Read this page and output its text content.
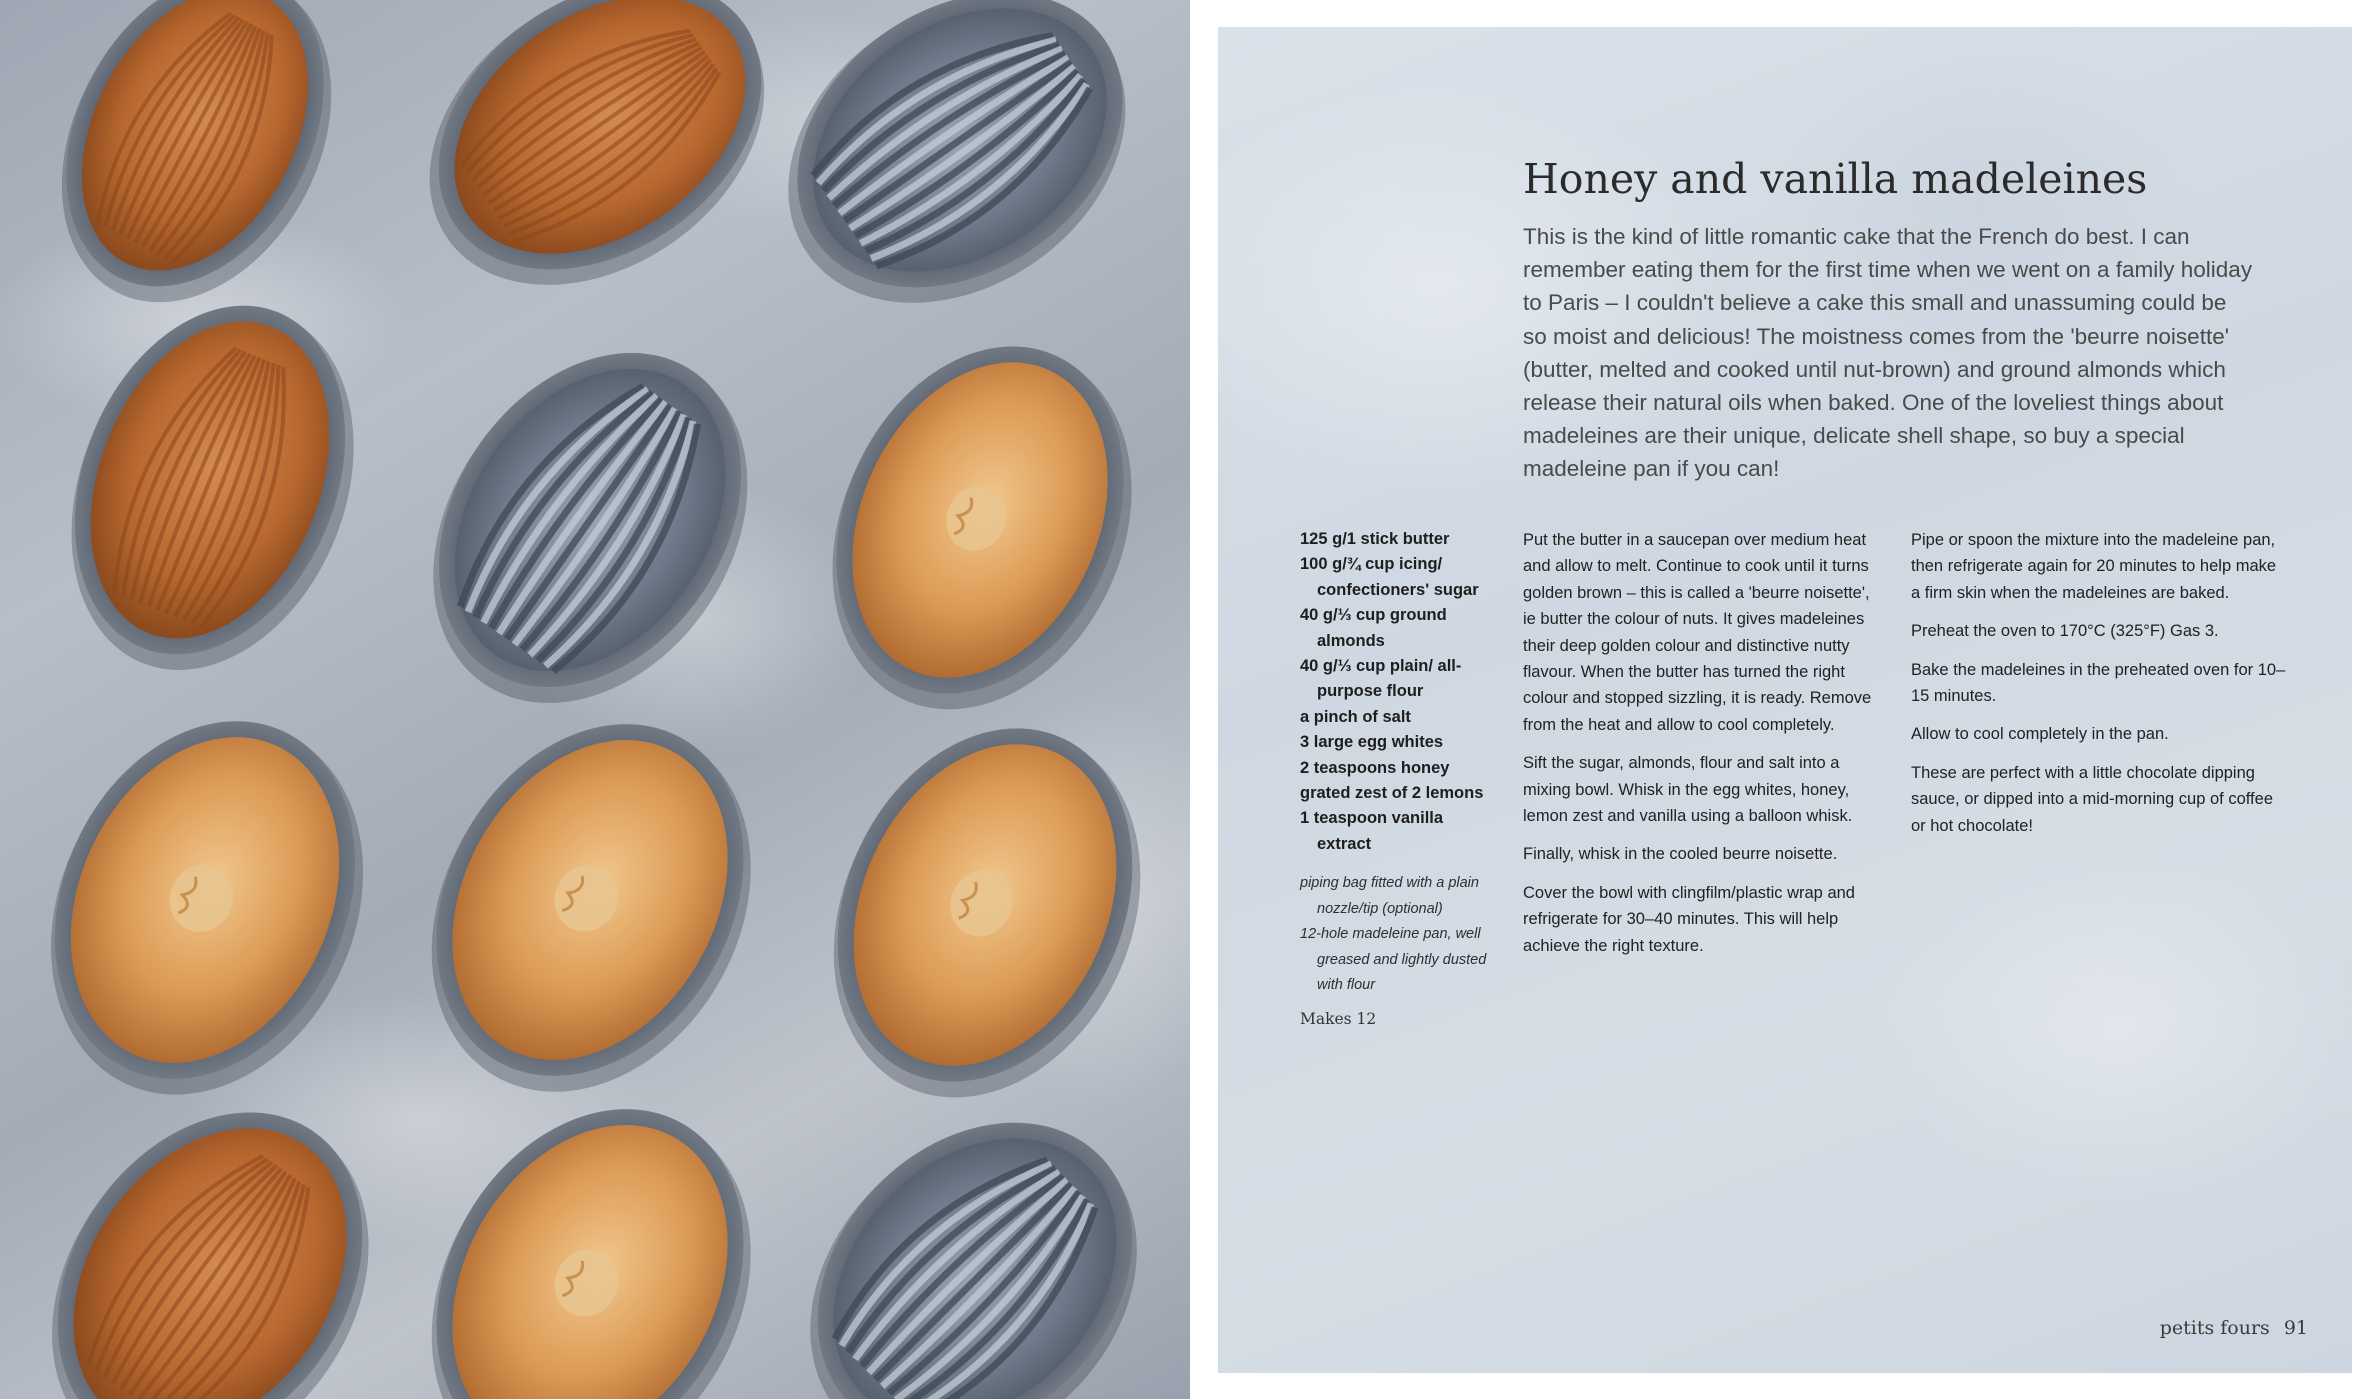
Honey and vanilla madeleines

This is the kind of little romantic cake that the French do best. I can remember eating them for the first time when we went on a family holiday to Paris – I couldn't believe a cake this small and unassuming could be so moist and delicious! The moistness comes from the 'beurre noisette' (butter, melted and cooked until nut-brown) and ground almonds which release their natural oils when baked. One of the loveliest things about madeleines are their unique, delicate shell shape, so buy a special madeleine pan if you can!

125 g/1 stick butter
100 g/¾ cup icing/ confectioners' sugar
40 g/⅓ cup ground almonds
40 g/⅓ cup plain/ all-purpose flour
a pinch of salt
3 large egg whites
2 teaspoons honey
grated zest of 2 lemons
1 teaspoon vanilla extract
piping bag fitted with a plain nozzle/tip (optional)
12-hole madeleine pan, well greased and lightly dusted with flour
Makes 12

Put the butter in a saucepan over medium heat and allow to melt. Continue to cook until it turns golden brown – this is called a 'beurre noisette', ie butter the colour of nuts. It gives madeleines their deep golden colour and distinctive nutty flavour. When the butter has turned the right colour and stopped sizzling, it is ready. Remove from the heat and allow to cool completely.

Sift the sugar, almonds, flour and salt into a mixing bowl. Whisk in the egg whites, honey, lemon zest and vanilla using a balloon whisk.

Finally, whisk in the cooled beurre noisette.

Cover the bowl with clingfilm/plastic wrap and refrigerate for 30–40 minutes. This will help achieve the right texture.

Pipe or spoon the mixture into the madeleine pan, then refrigerate again for 20 minutes to help make a firm skin when the madeleines are baked.

Preheat the oven to 170°C (325°F) Gas 3.

Bake the madeleines in the preheated oven for 10–15 minutes.

Allow to cool completely in the pan.

These are perfect with a little chocolate dipping sauce, or dipped into a mid-morning cup of coffee or hot chocolate!

petits fours 91
